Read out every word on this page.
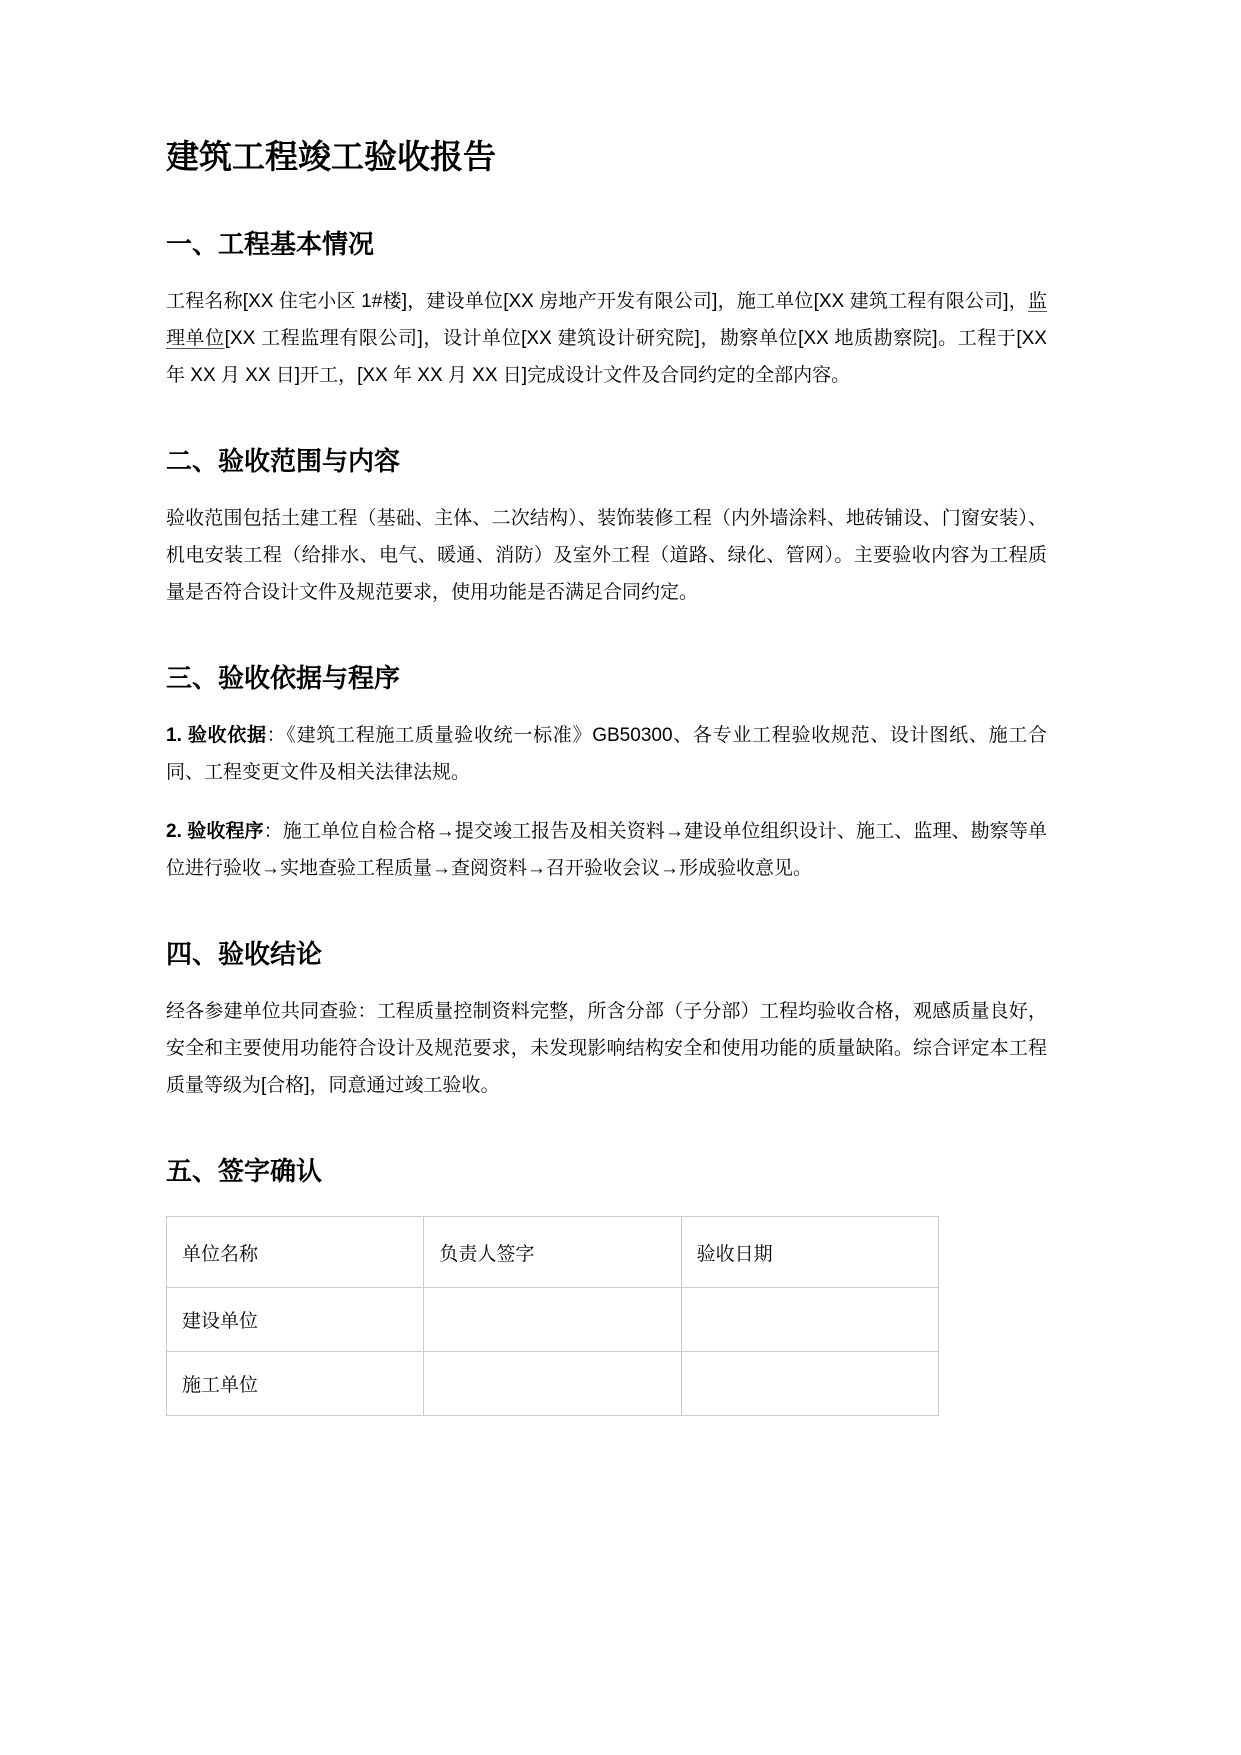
建筑工程竣工验收报告
一、工程基本情况

工程名称[XX 住宅小区 1#楼]，建设单位[XX 房地产开发有限公司]，施工单位[XX 建筑工程有限公司]，监理单位[XX 工程监理有限公司]，设计单位[XX 建筑设计研究院]，勘察单位[XX 地质勘察院]。工程于[XX 年 XX 月 XX 日]开工，[XX 年 XX 月 XX 日]完成设计文件及合同约定的全部内容。

二、验收范围与内容

验收范围包括土建工程（基础、主体、二次结构）、装饰装修工程（内外墙涂料、地砖铺设、门窗安装）、机电安装工程（给排水、电气、暖通、消防）及室外工程（道路、绿化、管网）。主要验收内容为工程质量是否符合设计文件及规范要求，使用功能是否满足合同约定。

三、验收依据与程序

1. 验收依据：《建筑工程施工质量验收统一标准》GB50300、各专业工程验收规范、设计图纸、施工合同、工程变更文件及相关法律法规。

2. 验收程序：施工单位自检合格→提交竣工报告及相关资料→建设单位组织设计、施工、监理、勘察等单位进行验收→实地查验工程质量→查阅资料→召开验收会议→形成验收意见。

四、验收结论

经各参建单位共同查验：工程质量控制资料完整，所含分部（子分部）工程均验收合格，观感质量良好，安全和主要使用功能符合设计及规范要求，未发现影响结构安全和使用功能的质量缺陷。综合评定本工程质量等级为[合格]，同意通过竣工验收。

五、签字确认
单位名称	负责人签字	验收日期
建设单位		
施工单位		
